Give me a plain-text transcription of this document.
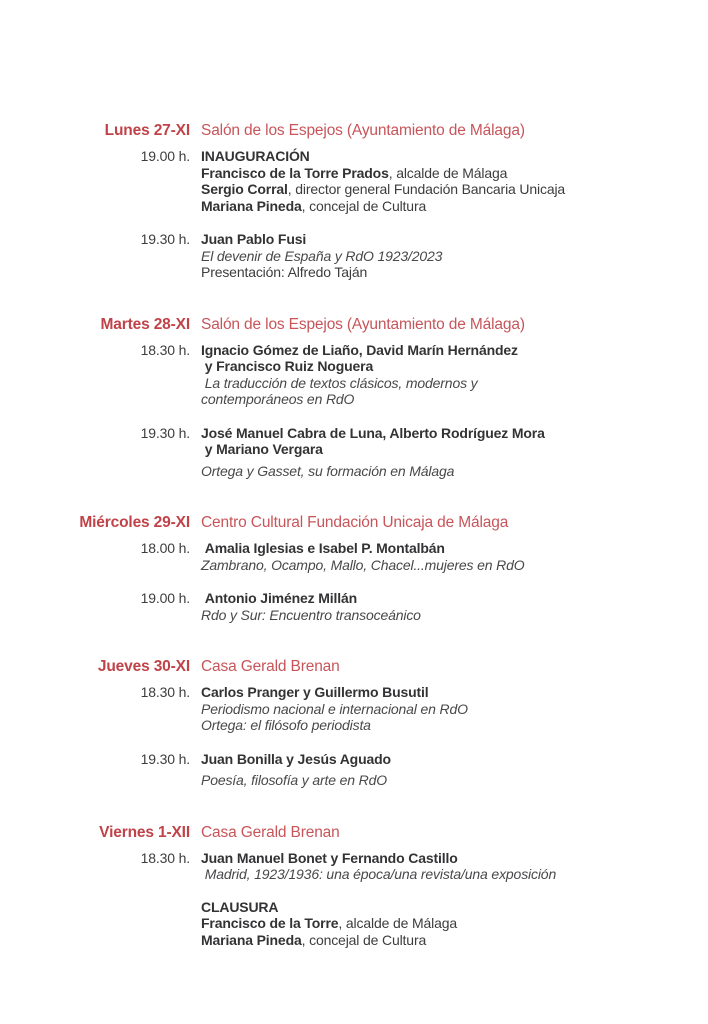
Lunes 27-XI Salón de los Espejos (Ayuntamiento de Málaga)
19.00 h. INAUGURACIÓN
Francisco de la Torre Prados, alcalde de Málaga
Sergio Corral, director general Fundación Bancaria Unicaja
Mariana Pineda, concejal de Cultura
19.30 h. Juan Pablo Fusi
El devenir de España y RdO 1923/2023
Presentación: Alfredo Taján
Martes 28-XI Salón de los Espejos (Ayuntamiento de Málaga)
18.30 h. Ignacio Gómez de Liaño, David Marín Hernández
y Francisco Ruiz Noguera
La traducción de textos clásicos, modernos y
contemporáneos en RdO
19.30 h. José Manuel Cabra de Luna, Alberto Rodríguez Mora
y Mariano Vergara
Ortega y Gasset, su formación en Málaga
Miércoles 29-XI Centro Cultural Fundación Unicaja de Málaga
18.00 h. Amalia Iglesias e Isabel P. Montalbán
Zambrano, Ocampo, Mallo, Chacel...mujeres en RdO
19.00 h. Antonio Jiménez Millán
Rdo y Sur: Encuentro transoceánico
Jueves 30-XI Casa Gerald Brenan
18.30 h. Carlos Pranger y Guillermo Busutil
Periodismo nacional e internacional en RdO
Ortega: el filósofo periodista
19.30 h. Juan Bonilla y Jesús Aguado
Poesía, filosofía y arte en RdO
Viernes 1-XII Casa Gerald Brenan
18.30 h. Juan Manuel Bonet y Fernando Castillo
Madrid, 1923/1936: una época/una revista/una exposición
CLAUSURA
Francisco de la Torre, alcalde de Málaga
Mariana Pineda, concejal de Cultura
